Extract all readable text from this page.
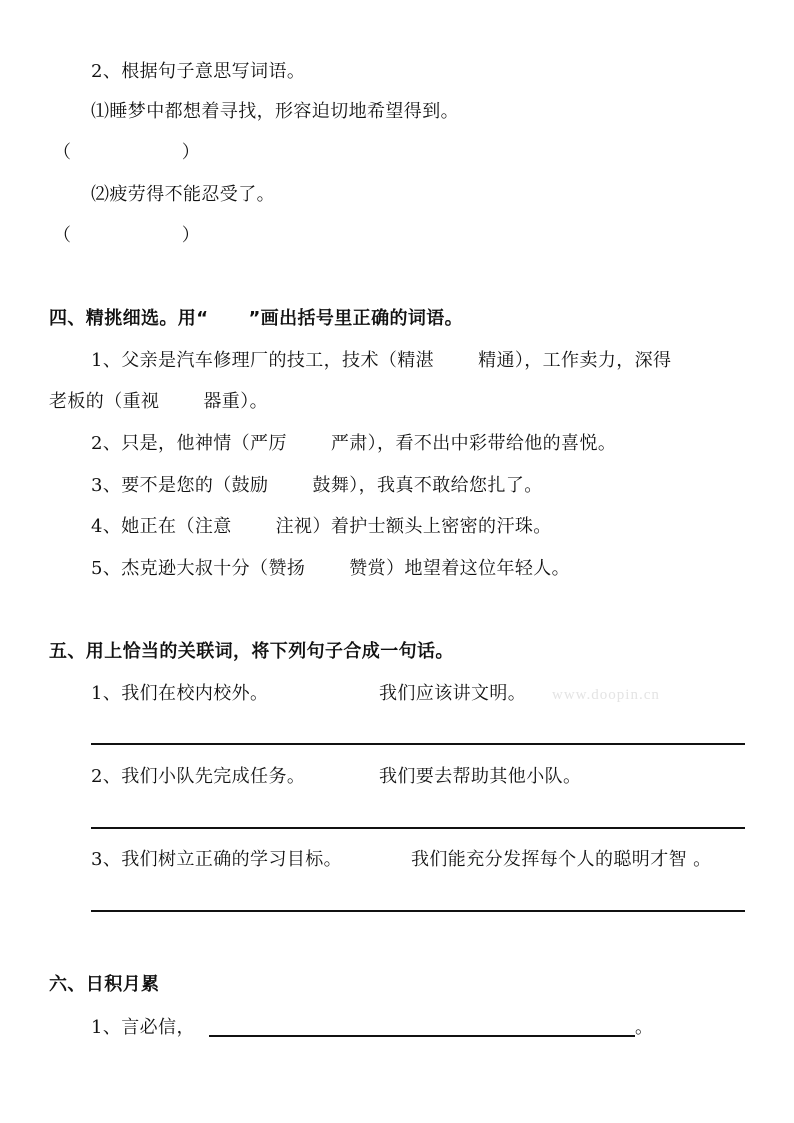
2、根据句子意思写词语。
⑴睡梦中都想着寻找，形容迫切地希望得到。
（　　　　　　）
⑵疲劳得不能忍受了。
（　　　　　　）
四、精挑细选。用“ ”画出括号里正确的词语。
1、父亲是汽车修理厂的技工，技术（精湛 精通），工作卖力，深得
老板的（重视 器重）。
2、只是，他神情（严厉 严肃），看不出中彩带给他的喜悦。
3、要不是您的（鼓励 鼓舞），我真不敢给您扎了。
4、她正在（注意 注视）着护士额头上密密的汗珠。
5、杰克逊大叔十分（赞扬 赞赏）地望着这位年轻人。
五、用上恰当的关联词，将下列句子合成一句话。
1、我们在校内校外。	我们应该讲文明。 www.doopin.cn
2、我们小队先完成任务。	我们要去帮助其他小队。
3、我们树立正确的学习目标。	我们能充分发挥每个人的聪明才智 。
六、日积月累
1、言必信，	。
